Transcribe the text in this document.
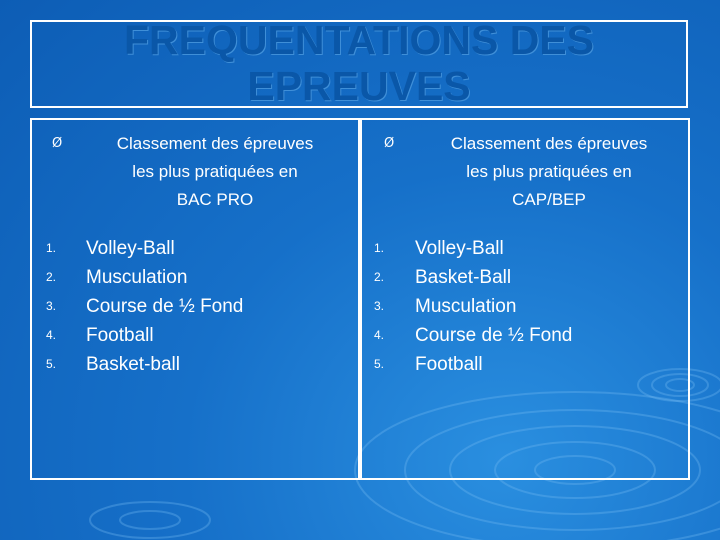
FREQUENTATIONS DES EPREUVES
Ø	Classement des épreuves
les plus pratiquées en
BAC PRO
1. Volley-Ball
2. Musculation
3. Course de ½ Fond
4. Football
5. Basket-ball
Ø	Classement des épreuves
les plus pratiquées en
CAP/BEP
1. Volley-Ball
2. Basket-Ball
3. Musculation
4. Course de ½ Fond
5. Football
